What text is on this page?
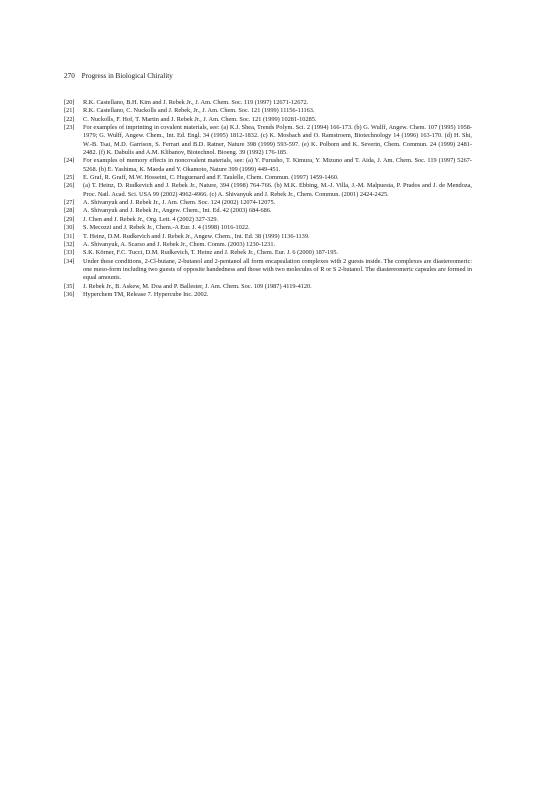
270 Progress in Biological Chirality
[20]	R.K. Castellano, B.H. Kim and J. Rebek Jr., J. Am. Chem. Soc. 119 (1997) 12671-12672.
[21]	R.K. Castellano, C. Nuckolls and J. Rebek, Jr., J. Am. Chem. Soc. 121 (1999) 11156-11163.
[22]	C. Nuckolls, F. Hof, T. Martin and J. Rebek Jr., J. Am. Chem. Soc. 121 (1999) 10281-10285.
[23]	For examples of imprinting in covalent materials, see: (a) K.J. Shea, Trends Polym. Sci. 2 (1994) 166-173. (b) G. Wulff, Angew. Chem. 107 (1995) 1958-1979; G. Wulff, Angew. Chem., Int. Ed. Engl. 34 (1995) 1812-1832. (c) K. Mosbach and O. Ramstroem, Biotechnology 14 (1996) 163-170. (d) H. Shi, W.-B. Tsai, M.D. Garrison, S. Ferrari and B.D. Ratner, Nature 398 (1999) 593-597. (e) K. Polborn and K. Severin, Chem. Commun. 24 (1999) 2481-2482. (f) K. Dabulis and A.M. Klibanov, Biotechnol. Bioeng. 39 (1992) 176-185.
[24]	For examples of memory effects in noncovalent materials, see: (a) Y. Furusho, T. Kimura, Y. Mizuno and T. Aida, J. Am. Chem. Soc. 119 (1997) 5267-5268. (b) E. Yashima, K. Maeda and Y. Okamoto, Nature 399 (1999) 449-451.
[25]	E. Graf, R. Graff, M.W. Hosseini, C. Huguenard and F. Taulelle, Chem. Commun. (1997) 1459-1460.
[26]	(a) T. Heinz, D. Rudkevich and J. Rebek Jr., Nature, 394 (1998) 764-766. (b) M.K. Ebbing, M.-J. Villa, J.-M. Malpuesta, P. Prados and J. de Mendoza, Proc. Natl. Acad. Sci. USA 99 (2002) 4962-4966. (c) A. Shivanyuk and J. Rebek Jr., Chem. Commun. (2001) 2424-2425.
[27]	A. Shivanyuk and J. Rebek Jr., J. Am. Chem. Soc. 124 (2002) 12074-12075.
[28]	A. Shivanyuk and J. Rebek Jr., Angew. Chem., Int. Ed. 42 (2003) 684-686.
[29]	J. Chen and J. Rebek Jr., Org. Lett. 4 (2002) 327-329.
[30]	S. Mecozzi and J. Rebek Jr., Chem.-A Eur. J. 4 (1998) 1016-1022.
[31]	T. Heinz, D.M. Rudkevich and J. Rebek Jr., Angew. Chem., Int. Ed. 38 (1999) 1136-1139.
[32]	A. Shivanyuk, A. Scarso and J. Rebek Jr., Chem. Comm. (2003) 1230-1231.
[33]	S.K. Körner, F.C. Tucci, D.M. Rudkevich, T. Heinz and J. Rebek Jr., Chem. Eur. J. 6 (2000) 187-195.
[34]	Under these conditions, 2-Cl-butane, 2-butanol and 2-pentanol all form encapsulation complexes with 2 guests inside. The complexes are diastereomeric: one meso-form including two guests of opposite handedness and those with two molecules of R or S 2-butanol. The diastereomeric capsules are formed in equal amounts.
[35]	J. Rebek Jr., B. Askew, M. Doa and P. Ballester, J. Am. Chem. Soc. 109 (1987) 4119-4120.
[36]	Hyperchem TM, Release 7. Hypercube Inc. 2002.
